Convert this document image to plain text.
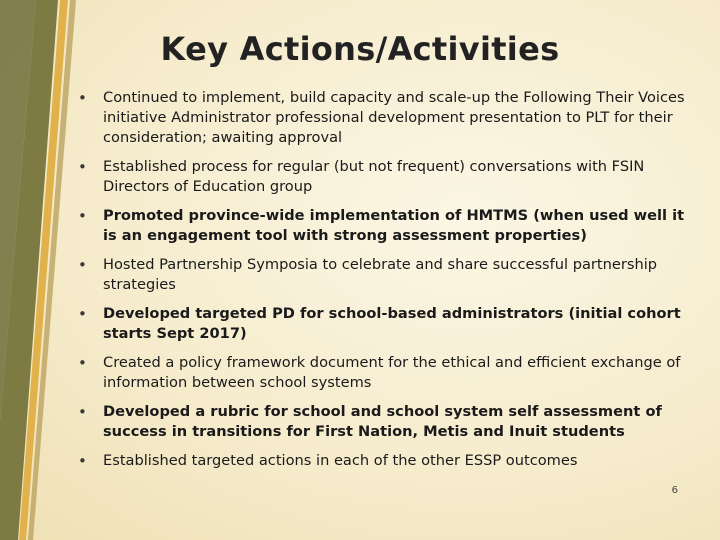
Key Actions/Activities
• Continued to implement, build capacity and scale-up the Following Their Voices initiative Administrator professional development presentation to PLT for their consideration; awaiting approval
• Established process for regular (but not frequent) conversations with FSIN Directors of Education group
• Promoted province-wide implementation of HMTMS (when used well it is an engagement tool with strong assessment properties)
• Hosted Partnership Symposia to celebrate and share successful partnership strategies
• Developed targeted PD for school-based administrators (initial cohort starts Sept 2017)
• Created a policy framework document for the ethical and efficient exchange of information between school systems
• Developed a rubric for school and school system self assessment of success in transitions for First Nation, Metis and Inuit students
• Established targeted actions in each of the other ESSP outcomes
6
